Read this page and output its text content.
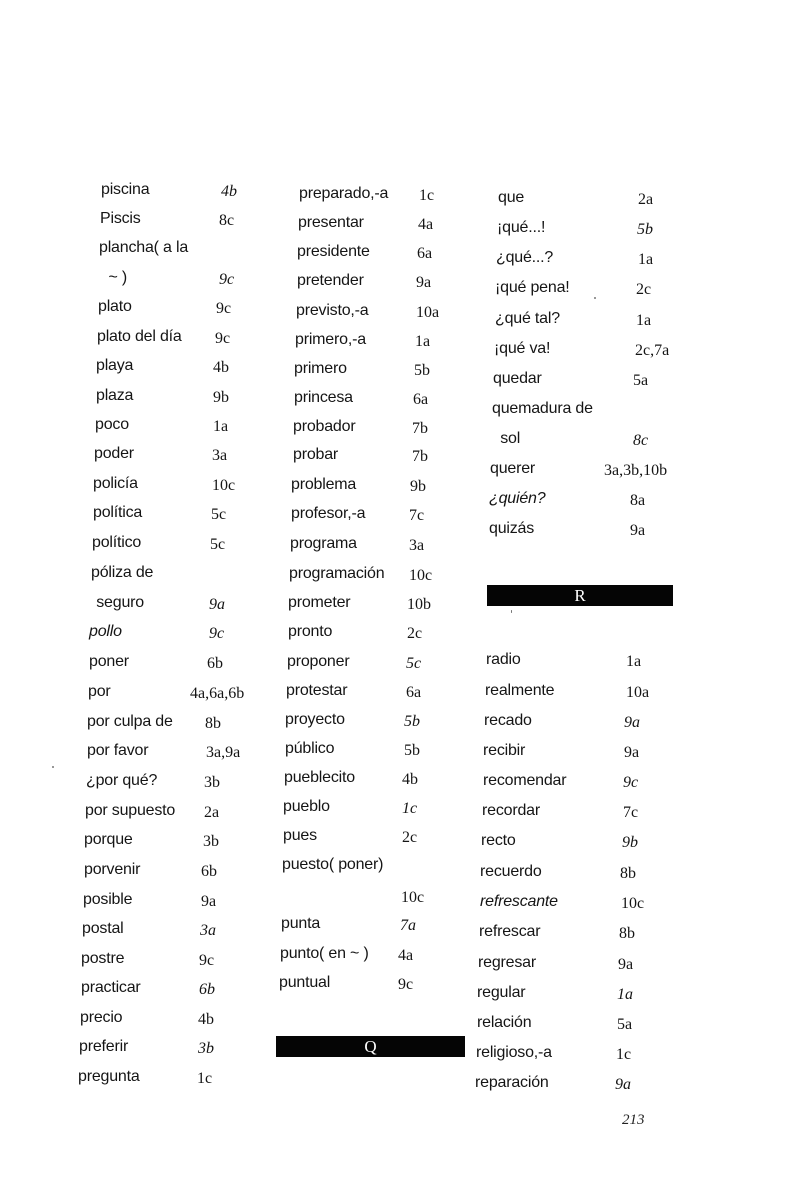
piscina	4b
Piscis	8c
plancha( a la
~ )	9c
plato	9c
plato del día 9c
playa	4b
plaza	9b
poco	1a
poder	3a
policía	10c
política	5c
político	5c
póliza de
seguro	9a
pollo	9c
poner	6b
por	4a,6a,6b
por culpa de 8b
por favor	3a,9a
¿por qué?	3b
por supuesto 2a
porque	3b
porvenir	6b
posible	9a
postal	3a
postre	9c
practicar	6b
precio	4b
preferir	3b
pregunta	1c
preparado,-a 1c
presentar	4a
presidente	6a
pretender	9a
previsto,-a	10a
primero,-a	1a
primero	5b
princesa	6a
probador	7b
probar	7b
problema	9b
profesor,-a	7c
programa	3a
programación 10c
prometer	10b
pronto	2c
proponer	5c
protestar	6a
proyecto	5b
público	5b
pueblecito	4b
pueblo	1c
pues	2c
puesto( poner)
10c
punta	7a
punto( en ~ ) 4a
puntual	9c
Q
que	2a
¡qué...!	5b
¿qué...?	1a
¡qué pena!	2c
¿qué tal?	1a
¡qué va!	2c,7a
quedar	5a
quemadura de
sol	8c
querer	3a,3b,10b
¿quién?	8a
quizás	9a
R
radio	1a
realmente	10a
recado	9a
recibir	9a
recomendar	9c
recordar	7c
recto	9b
recuerdo	8b
refrescante	10c
refrescar	8b
regresar	9a
regular	1a
relación	5a
religioso,-a	1c
reparación	9a
213
